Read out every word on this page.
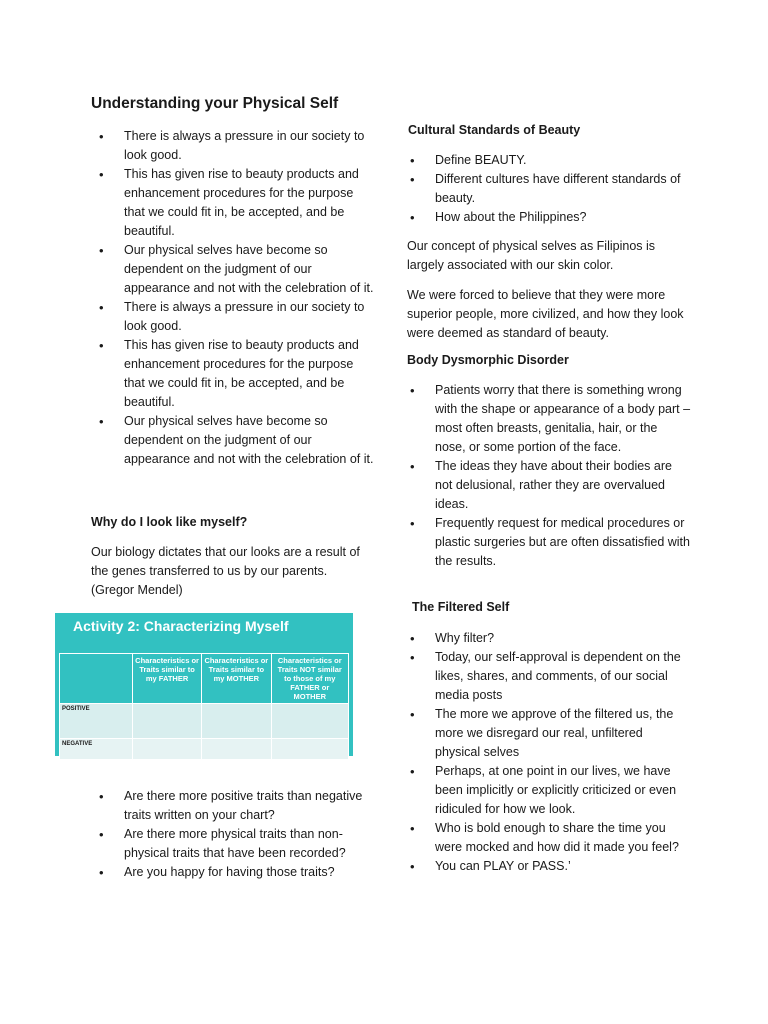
Understanding your Physical Self
• There is always a pressure in our society to look good.
• This has given rise to beauty products and enhancement procedures for the purpose that we could fit in, be accepted, and be beautiful.
• Our physical selves have become so dependent on the judgment of our appearance and not with the celebration of it.
• There is always a pressure in our society to look good.
• This has given rise to beauty products and enhancement procedures for the purpose that we could fit in, be accepted, and be beautiful.
• Our physical selves have become so dependent on the judgment of our appearance and not with the celebration of it.
Why do I look like myself?

Our biology dictates that our looks are a result of the genes transferred to us by our parents. (Gregor Mendel)

Activity 2: Characterizing Myself
	Characteristics or Traits similar to my FATHER	Characteristics or Traits similar to my MOTHER	Characteristics or Traits NOT similar to those of my FATHER or MOTHER
POSITIVE			
NEGATIVE			
• Are there more positive traits than negative traits written on your chart?
• Are there more physical traits than non-physical traits that have been recorded?
• Are you happy for having those traits?
Cultural Standards of Beauty
• Define BEAUTY.
• Different cultures have different standards of beauty.
• How about the Philippines?

Our concept of physical selves as Filipinos is largely associated with our skin color.

We were forced to believe that they were more superior people, more civilized, and how they look were deemed as standard of beauty.

Body Dysmorphic Disorder
• Patients worry that there is something wrong with the shape or appearance of a body part – most often breasts, genitalia, hair, or the nose, or some portion of the face.
• The ideas they have about their bodies are not delusional, rather they are overvalued ideas.
• Frequently request for medical procedures or plastic surgeries but are often dissatisfied with the results.
The Filtered Self
• Why filter?
• Today, our self-approval is dependent on the likes, shares, and comments, of our social media posts
• The more we approve of the filtered us, the more we disregard our real, unfiltered physical selves
• Perhaps, at one point in our lives, we have been implicitly or explicitly criticized or even ridiculed for how we look.
• Who is bold enough to share the time you were mocked and how did it made you feel?
• You can PLAY or PASS.’
